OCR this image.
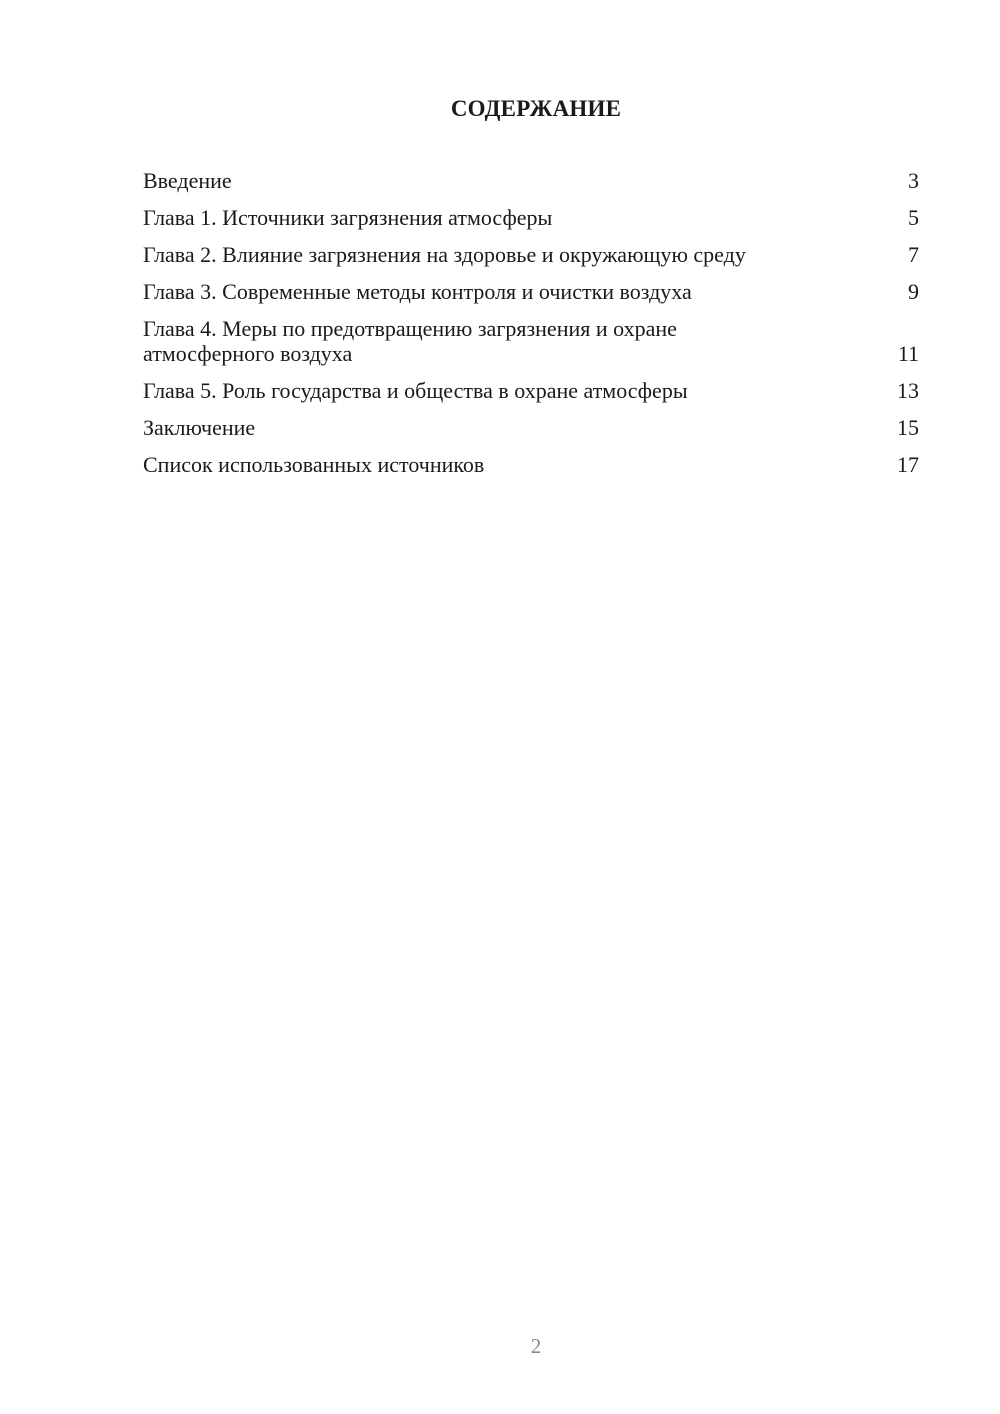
СОДЕРЖАНИЕ
Введение	3
Глава 1. Источники загрязнения атмосферы	5
Глава 2. Влияние загрязнения на здоровье и окружающую среду	7
Глава 3. Современные методы контроля и очистки воздуха	9
Глава 4. Меры по предотвращению загрязнения и охране атмосферного воздуха	11
Глава 5. Роль государства и общества в охране атмосферы	13
Заключение	15
Список использованных источников	17
2
